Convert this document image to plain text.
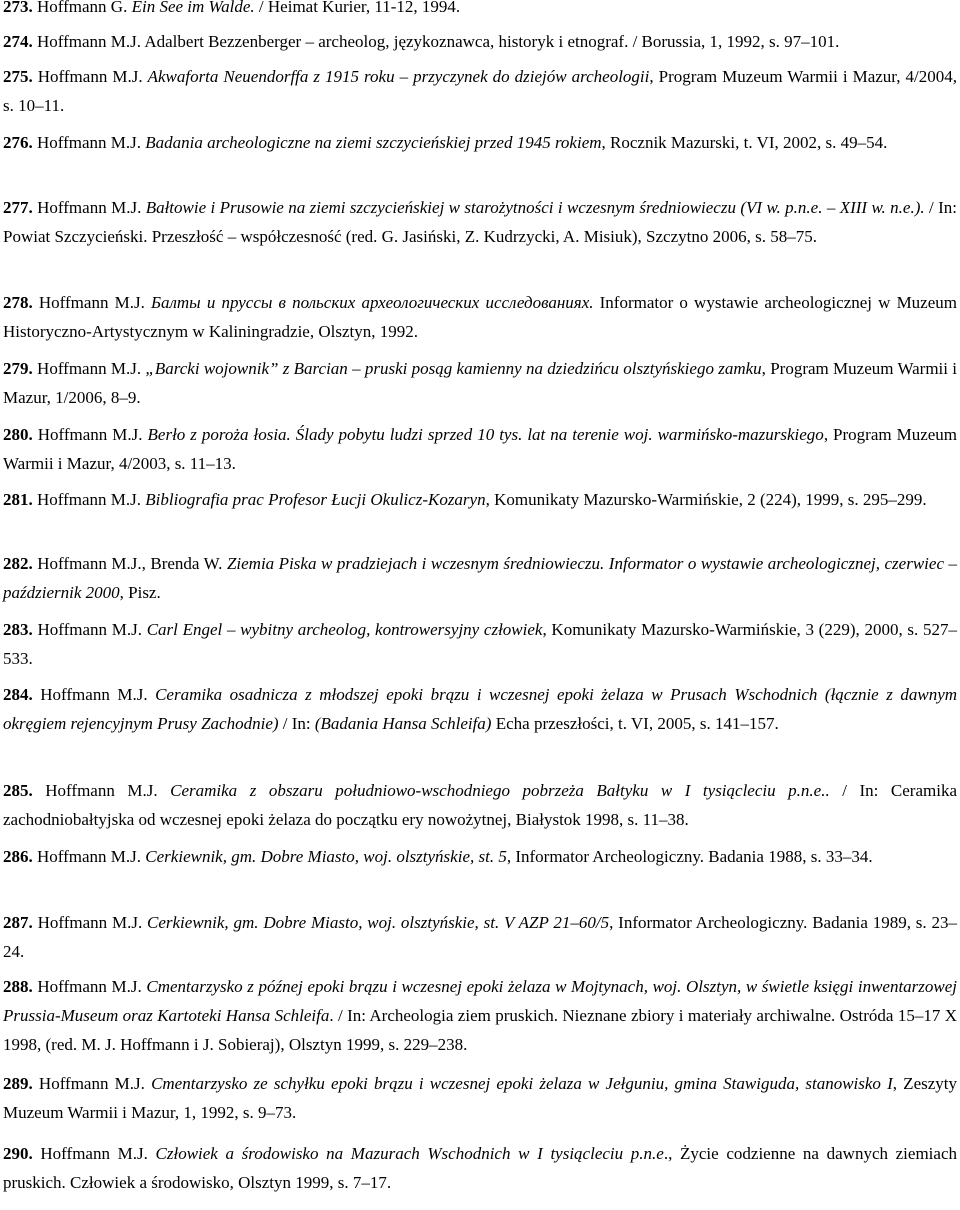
273. Hoffmann G. Ein See im Walde. / Heimat Kurier, 11-12, 1994.
274. Hoffmann M.J. Adalbert Bezzenberger – archeolog, językoznawca, historyk i etnograf. / Borussia, 1, 1992, s. 97–101.
275. Hoffmann M.J. Akwaforta Neuendorffa z 1915 roku – przyczynek do dziejów archeologii, Program Muzeum Warmii i Mazur, 4/2004, s. 10–11.
276. Hoffmann M.J. Badania archeologiczne na ziemi szczycieńskiej przed 1945 rokiem, Rocznik Mazurski, t. VI, 2002, s. 49–54.
277. Hoffmann M.J. Bałtowie i Prusowie na ziemi szczycieńskiej w starożytności i wczesnym średniowieczu (VI w. p.n.e. – XIII w. n.e.). / In: Powiat Szczycieński. Przeszłość – współczesność (red. G. Jasiński, Z. Kudrzycki, A. Misiuk), Szczytno 2006, s. 58–75.
278. Hoffmann M.J. Балты и пруссы в польских археологических исследованиях. Informator o wystawie archeologicznej w Muzeum Historyczno-Artystycznym w Kaliningradzie, Olsztyn, 1992.
279. Hoffmann M.J. „Barcki wojownik” z Barcian – pruski posąg kamienny na dziedzińcu olsztyńskiego zamku, Program Muzeum Warmii i Mazur, 1/2006, 8–9.
280. Hoffmann M.J. Berło z poroża łosia. Ślady pobytu ludzi sprzed 10 tys. lat na terenie woj. warmińsko-mazurskiego, Program Muzeum Warmii i Mazur, 4/2003, s. 11–13.
281. Hoffmann M.J. Bibliografia prac Profesor Łucji Okulicz-Kozaryn, Komunikaty Mazursko-Warmińskie, 2 (224), 1999, s. 295–299.
282. Hoffmann M.J., Brenda W. Ziemia Piska w pradziejach i wczesnym średniowieczu. Informator o wystawie archeologicznej, czerwiec – październik 2000, Pisz.
283. Hoffmann M.J. Carl Engel – wybitny archeolog, kontrowersyjny człowiek, Komunikaty Mazursko-Warmińskie, 3 (229), 2000, s. 527–533.
284. Hoffmann M.J. Ceramika osadnicza z młodszej epoki brązu i wczesnej epoki żelaza w Prusach Wschodnich (łącznie z dawnym okręgiem rejencyjnym Prusy Zachodnie) / In: (Badania Hansa Schleifa) Echa przeszłości, t. VI, 2005, s. 141–157.
285. Hoffmann M.J. Ceramika z obszaru południowo-wschodniego pobrzeża Bałtyku w I tysiącleciu p.n.e.. / In: Ceramika zachodniobałtyjska od wczesnej epoki żelaza do początku ery nowożytnej, Białystok 1998, s. 11–38.
286. Hoffmann M.J. Cerkiewnik, gm. Dobre Miasto, woj. olsztyńskie, st. 5, Informator Archeologiczny. Badania 1988, s. 33–34.
287. Hoffmann M.J. Cerkiewnik, gm. Dobre Miasto, woj. olsztyńskie, st. V AZP 21–60/5, Informator Archeologiczny. Badania 1989, s. 23–24.
288. Hoffmann M.J. Cmentarzysko z późnej epoki brązu i wczesnej epoki żelaza w Mojtynach, woj. Olsztyn, w świetle księgi inwentarzowej Prussia-Museum oraz Kartoteki Hansa Schleifa. / In: Archeologia ziem pruskich. Nieznane zbiory i materiały archiwalne. Ostróda 15–17 X 1998, (red. M. J. Hoffmann i J. Sobieraj), Olsztyn 1999, s. 229–238.
289. Hoffmann M.J. Cmentarzysko ze schyłku epoki brązu i wczesnej epoki żelaza w Jełguniu, gmina Stawiguda, stanowisko I, Zeszyty Muzeum Warmii i Mazur, 1, 1992, s. 9–73.
290. Hoffmann M.J. Człowiek a środowisko na Mazurach Wschodnich w I tysiącleciu p.n.e., Życie codzienne na dawnych ziemiach pruskich. Człowiek a środowisko, Olsztyn 1999, s. 7–17.
